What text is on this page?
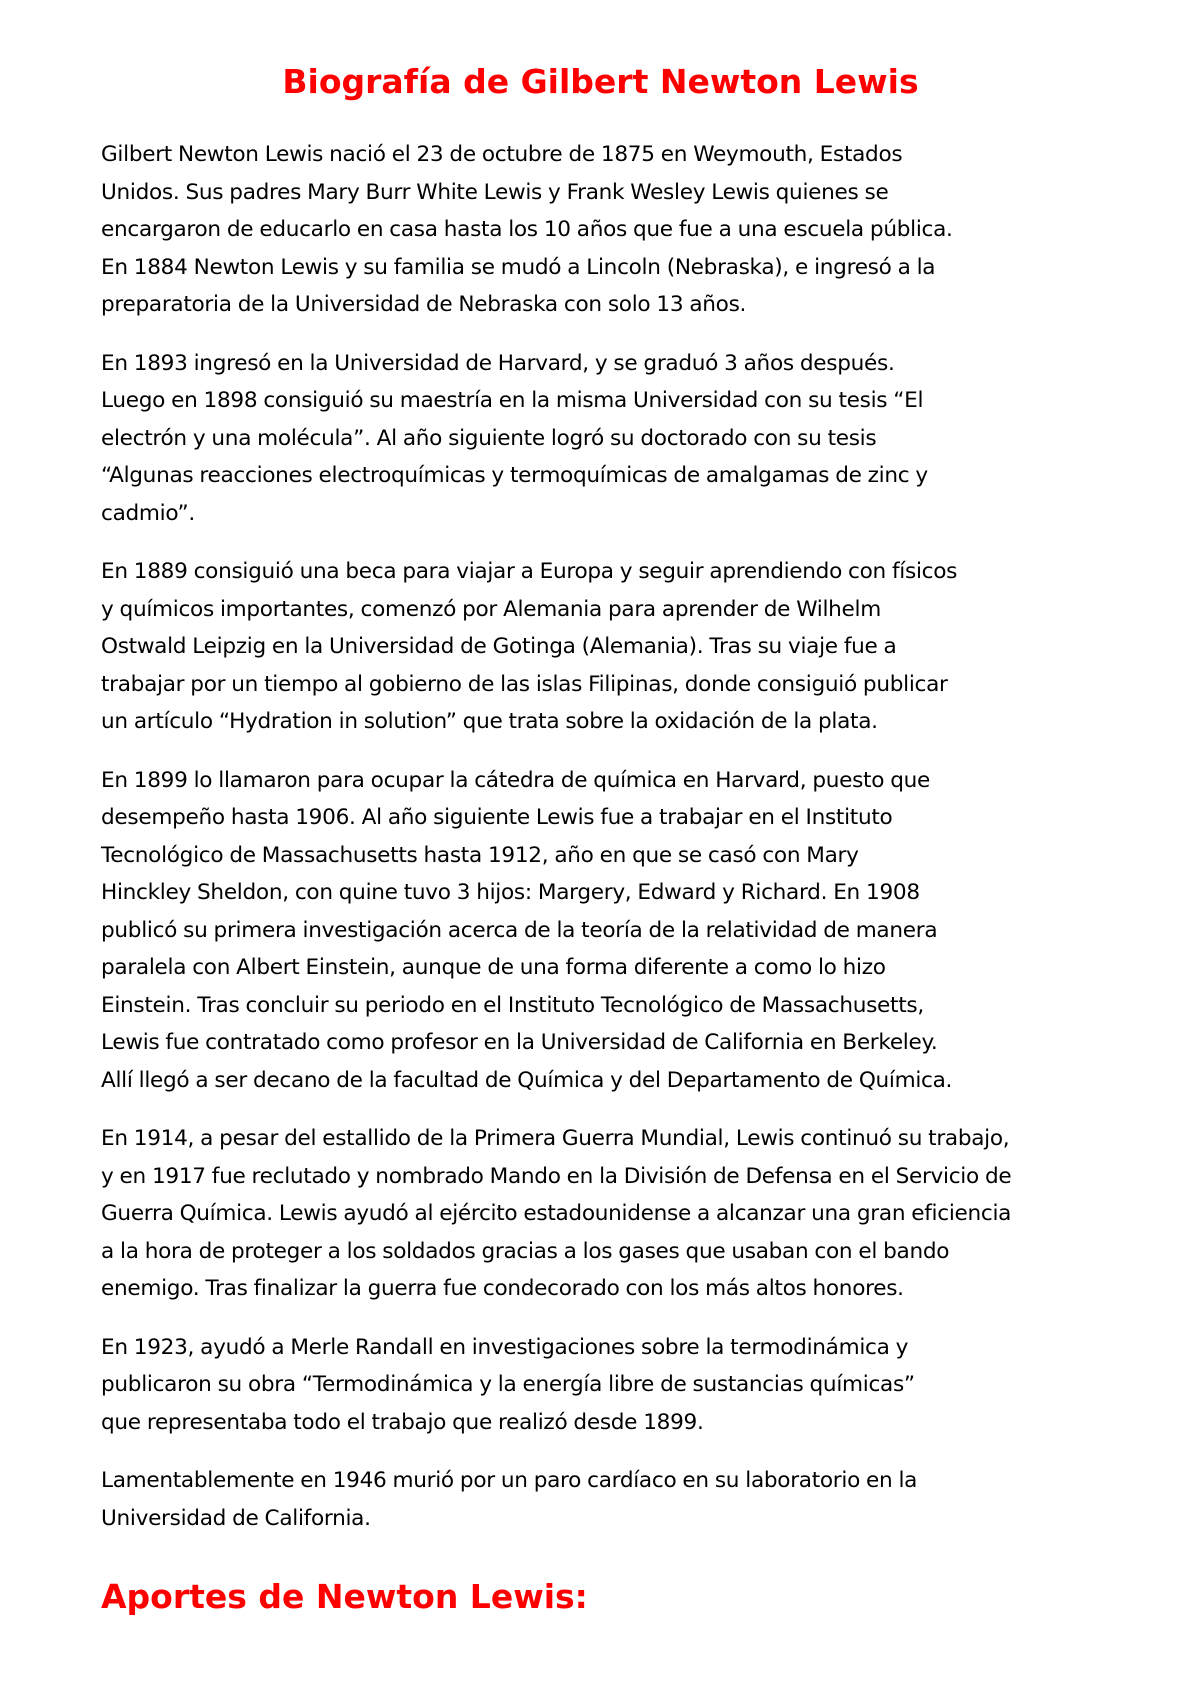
Biografía de Gilbert Newton Lewis

Gilbert Newton Lewis nació el 23 de octubre de 1875 en Weymouth, Estados
Unidos. Sus padres Mary Burr White Lewis y Frank Wesley Lewis quienes se
encargaron de educarlo en casa hasta los 10 años que fue a una escuela pública.
En 1884 Newton Lewis y su familia se mudó a Lincoln (Nebraska), e ingresó a la
preparatoria de la Universidad de Nebraska con solo 13 años.

En 1893 ingresó en la Universidad de Harvard, y se graduó 3 años después.
Luego en 1898 consiguió su maestría en la misma Universidad con su tesis “El
electrón y una molécula”. Al año siguiente logró su doctorado con su tesis
“Algunas reacciones electroquímicas y termoquímicas de amalgamas de zinc y
cadmio”.

En 1889 consiguió una beca para viajar a Europa y seguir aprendiendo con físicos
y químicos importantes, comenzó por Alemania para aprender de Wilhelm
Ostwald Leipzig en la Universidad de Gotinga (Alemania). Tras su viaje fue a
trabajar por un tiempo al gobierno de las islas Filipinas, donde consiguió publicar
un artículo “Hydration in solution” que trata sobre la oxidación de la plata.

En 1899 lo llamaron para ocupar la cátedra de química en Harvard, puesto que
desempeño hasta 1906. Al año siguiente Lewis fue a trabajar en el Instituto
Tecnológico de Massachusetts hasta 1912, año en que se casó con Mary
Hinckley Sheldon, con quine tuvo 3 hijos: Margery, Edward y Richard. En 1908
publicó su primera investigación acerca de la teoría de la relatividad de manera
paralela con Albert Einstein, aunque de una forma diferente a como lo hizo
Einstein. Tras concluir su periodo en el Instituto Tecnológico de Massachusetts,
Lewis fue contratado como profesor en la Universidad de California en Berkeley.
Allí llegó a ser decano de la facultad de Química y del Departamento de Química.

En 1914, a pesar del estallido de la Primera Guerra Mundial, Lewis continuó su trabajo,
y en 1917 fue reclutado y nombrado Mando en la División de Defensa en el Servicio de
Guerra Química. Lewis ayudó al ejército estadounidense a alcanzar una gran eficiencia
a la hora de proteger a los soldados gracias a los gases que usaban con el bando
enemigo. Tras finalizar la guerra fue condecorado con los más altos honores.

En 1923, ayudó a Merle Randall en investigaciones sobre la termodinámica y
publicaron su obra “Termodinámica y la energía libre de sustancias químicas”
que representaba todo el trabajo que realizó desde 1899.

Lamentablemente en 1946 murió por un paro cardíaco en su laboratorio en la
Universidad de California.

Aportes de Newton Lewis:
